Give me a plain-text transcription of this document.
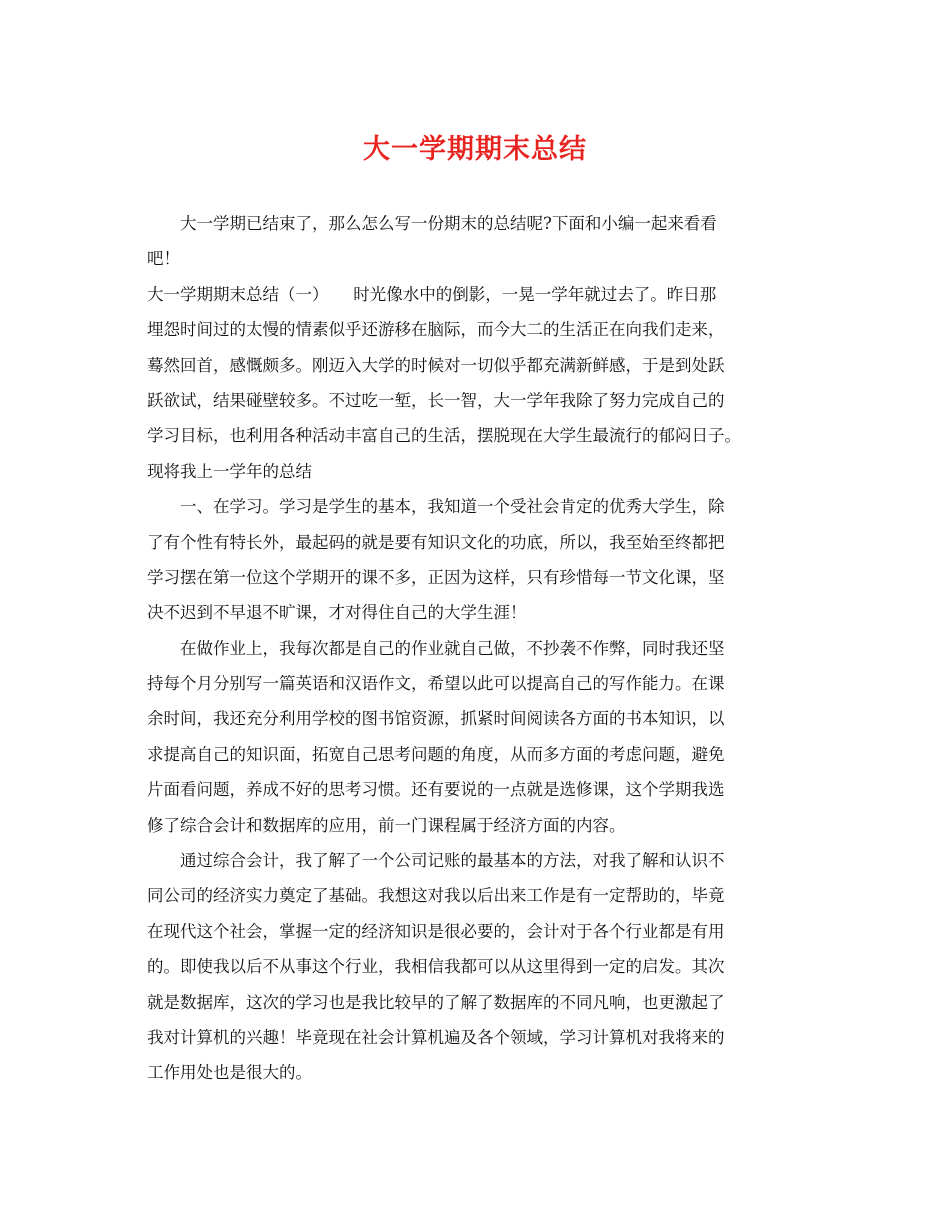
大一学期期末总结
大一学期已结束了，那么怎么写一份期末的总结呢?下面和小编一起来看看
吧！
大一学期期末总结（一）　　时光像水中的倒影，一晃一学年就过去了。昨日那
埋怨时间过的太慢的情素似乎还游移在脑际，而今大二的生活正在向我们走来，
蓦然回首，感慨颇多。刚迈入大学的时候对一切似乎都充满新鲜感，于是到处跃
跃欲试，结果碰壁较多。不过吃一堑，长一智，大一学年我除了努力完成自己的
学习目标，也利用各种活动丰富自己的生活，摆脱现在大学生最流行的郁闷日子。
现将我上一学年的总结
一、在学习。学习是学生的基本，我知道一个受社会肯定的优秀大学生，除
了有个性有特长外，最起码的就是要有知识文化的功底，所以，我至始至终都把
学习摆在第一位这个学期开的课不多，正因为这样，只有珍惜每一节文化课，坚
决不迟到不早退不旷课，才对得住自己的大学生涯！
在做作业上，我每次都是自己的作业就自己做，不抄袭不作弊，同时我还坚
持每个月分别写一篇英语和汉语作文，希望以此可以提高自己的写作能力。在课
余时间，我还充分利用学校的图书馆资源，抓紧时间阅读各方面的书本知识，以
求提高自己的知识面，拓宽自己思考问题的角度，从而多方面的考虑问题，避免
片面看问题，养成不好的思考习惯。还有要说的一点就是选修课，这个学期我选
修了综合会计和数据库的应用，前一门课程属于经济方面的内容。
通过综合会计，我了解了一个公司记账的最基本的方法，对我了解和认识不
同公司的经济实力奠定了基础。我想这对我以后出来工作是有一定帮助的，毕竟
在现代这个社会，掌握一定的经济知识是很必要的，会计对于各个行业都是有用
的。即使我以后不从事这个行业，我相信我都可以从这里得到一定的启发。其次
就是数据库，这次的学习也是我比较早的了解了数据库的不同凡响，也更激起了
我对计算机的兴趣！毕竟现在社会计算机遍及各个领域，学习计算机对我将来的
工作用处也是很大的。
